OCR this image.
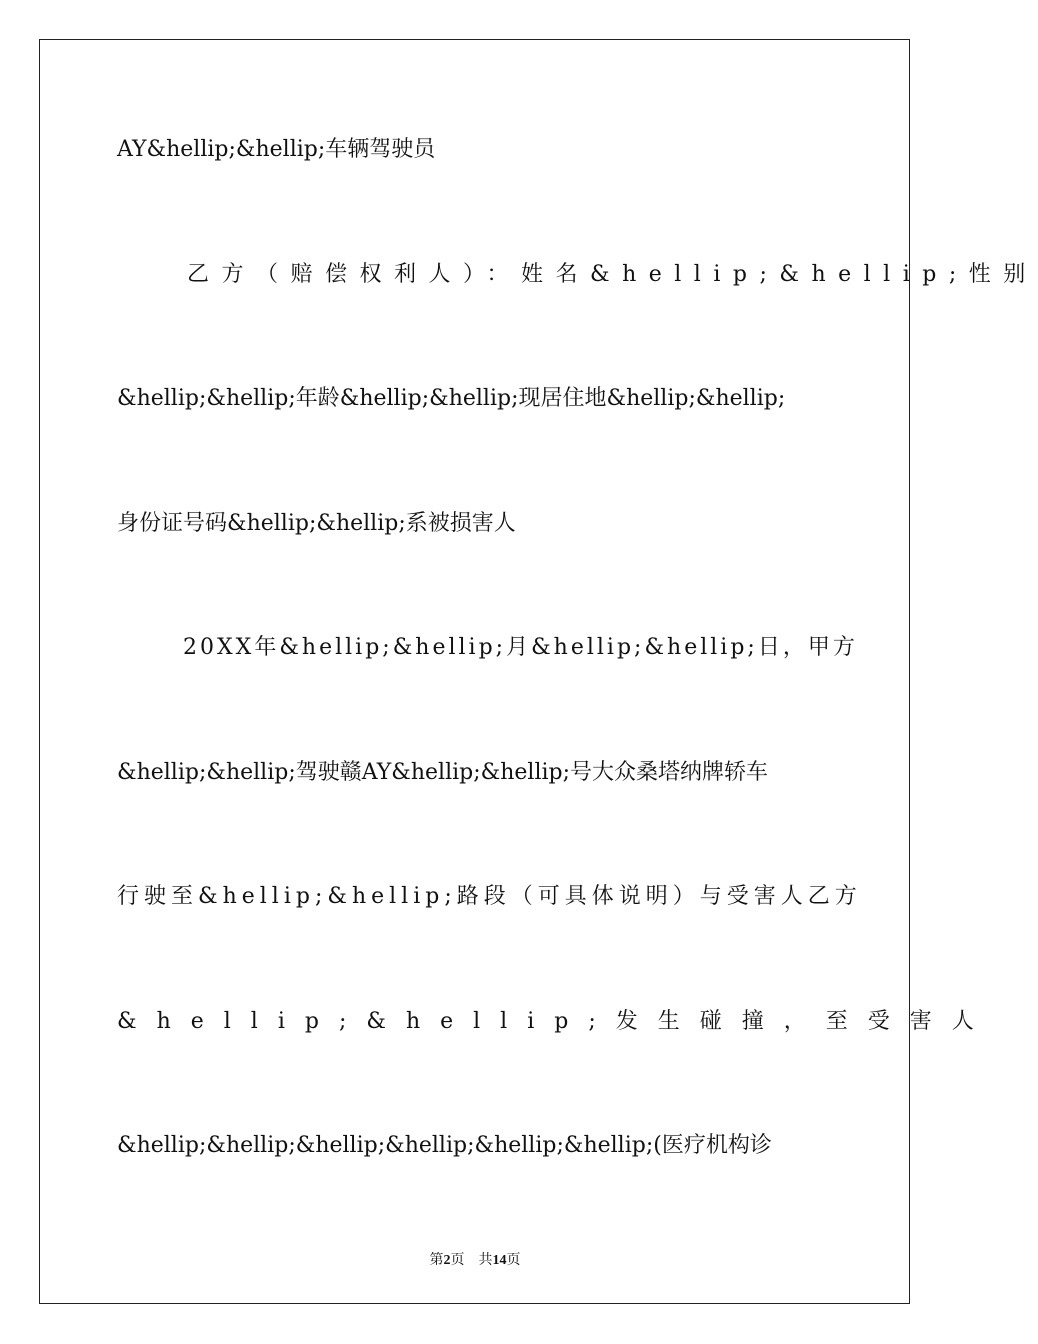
AY&hellip;&hellip;车辆驾驶员
乙方（赔偿权利人）：姓名&hellip;&hellip;性别
&hellip;&hellip;年龄&hellip;&hellip;现居住地&hellip;&hellip;
身份证号码&hellip;&hellip;系被损害人
20XX年&hellip;&hellip;月&hellip;&hellip;日，甲方
&hellip;&hellip;驾驶赣AY&hellip;&hellip;号大众桑塔纳牌轿车
行驶至&hellip;&hellip;路段（可具体说明）与受害人乙方
&hellip;&hellip;发生碰撞，至受害人
&hellip;&hellip;&hellip;&hellip;&hellip;&hellip;(医疗机构诊
第2页 共14页
